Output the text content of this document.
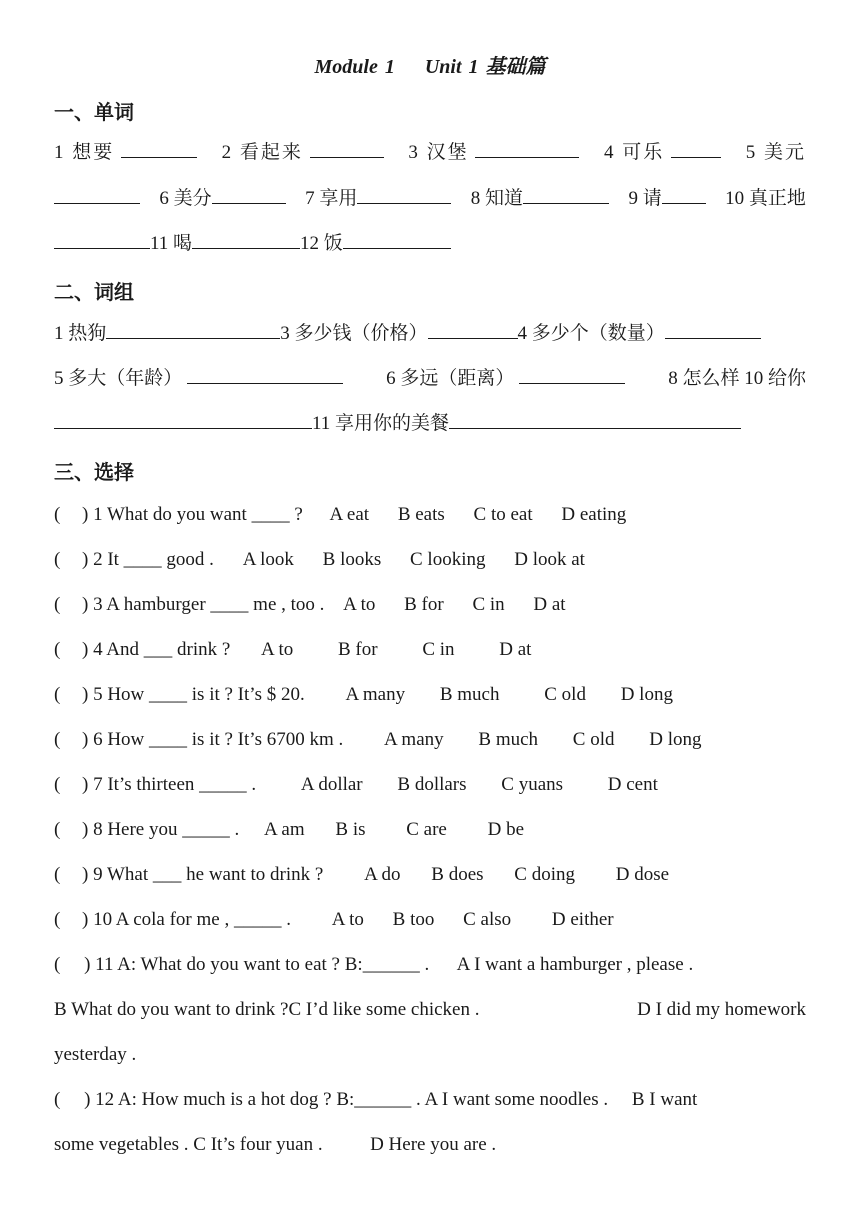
Module 1 Unit 1 基础篇
一、单词
1 想要	2 看起来	3 汉堡	4 可乐	5 美元
6 美分	7 享用	8 知道	9 请	10 真正地
11 喝	12 饭
二、词组
1 热狗	3 多少钱（价格）	4 多少个（数量）
5 多大（年龄）	6 多远（距离）	8 怎么样 10 给你
11 享用你的美餐
三、选择
( ) 1 What do you want ____ ? A eat B eats C to eat D eating
( ) 2 It ____ good . A look B looks C looking D look at
( ) 3 A hamburger ____ me , too . A to B for C in D at
( ) 4 And ___ drink ? A to B for C in D at
( ) 5 How ____ is it ? It’s $ 20. A many B much C old D long
( ) 6 How ____ is it ? It’s 6700 km . A many B much C old D long
( ) 7 It’s thirteen _____ . A dollar B dollars C yuans D cent
( ) 8 Here you _____ . A am B is C are D be
( ) 9 What ___ he want to drink ? A do B does C doing D dose
( ) 10 A cola for me , _____ . A to B too C also D either
(     ) 11 A: What do you want to eat ? B:______ .      A I want a hamburger , please .
B What do you want to drink ?C I’d like some chicken .	D I did my homework
yesterday .
(     ) 12 A: How much is a hot dog ? B:______ . A I want some noodles .     B I want
some vegetables . C It’s four yuan .          D Here you are .
